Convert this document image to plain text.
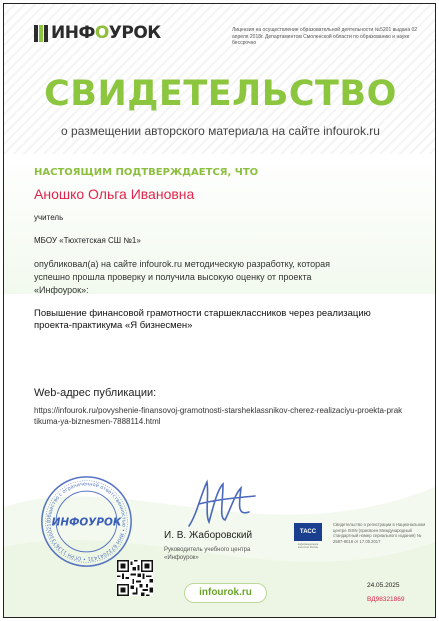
ИНФОУРОК	Лицензия на осуществление образовательной деятельности №5201 выдана 02 апреля 2018г. Департаментом Смоленской области по образованию и науке бессрочно
СВИДЕТЕЛЬСТВО
о размещении авторского материала на сайте infourok.ru
НАСТОЯЩИМ ПОДТВЕРЖДАЕТСЯ, ЧТО
Аношко Ольга Ивановна
учитель
МБОУ «Тюхтетская СШ №1»
опубликовал(а) на сайте infourok.ru методическую разработку, которая успешно прошла проверку и получила высокую оценку от проекта «Инфоурок»:
Повышение финансовой грамотности старшеклассников через реализацию проекта-практикума «Я бизнесмен»
Web-адрес публикации:
https://infourok.ru/povyshenie-finansovoj-gramotnosti-starsheklassnikov-cherez-realizaciyu-proekta-praktikuma-ya-biznesmen-7888114.html
Общество с ограниченной ответственностью • ИНН 6732041431 • ОГРН 113673300210 ИНФОУРОК
И. В. Жаборовский
Руководитель учебного центра «Инфоурок»
ТАСС
информационное агентство России
Свидетельство о регистрации в Национальном центре ISSN (присвоен Международный стандартный номер сериального издания) № 2587-8018 от 17.05.2017
infourok.ru
24.05.2025
ВД98321869
